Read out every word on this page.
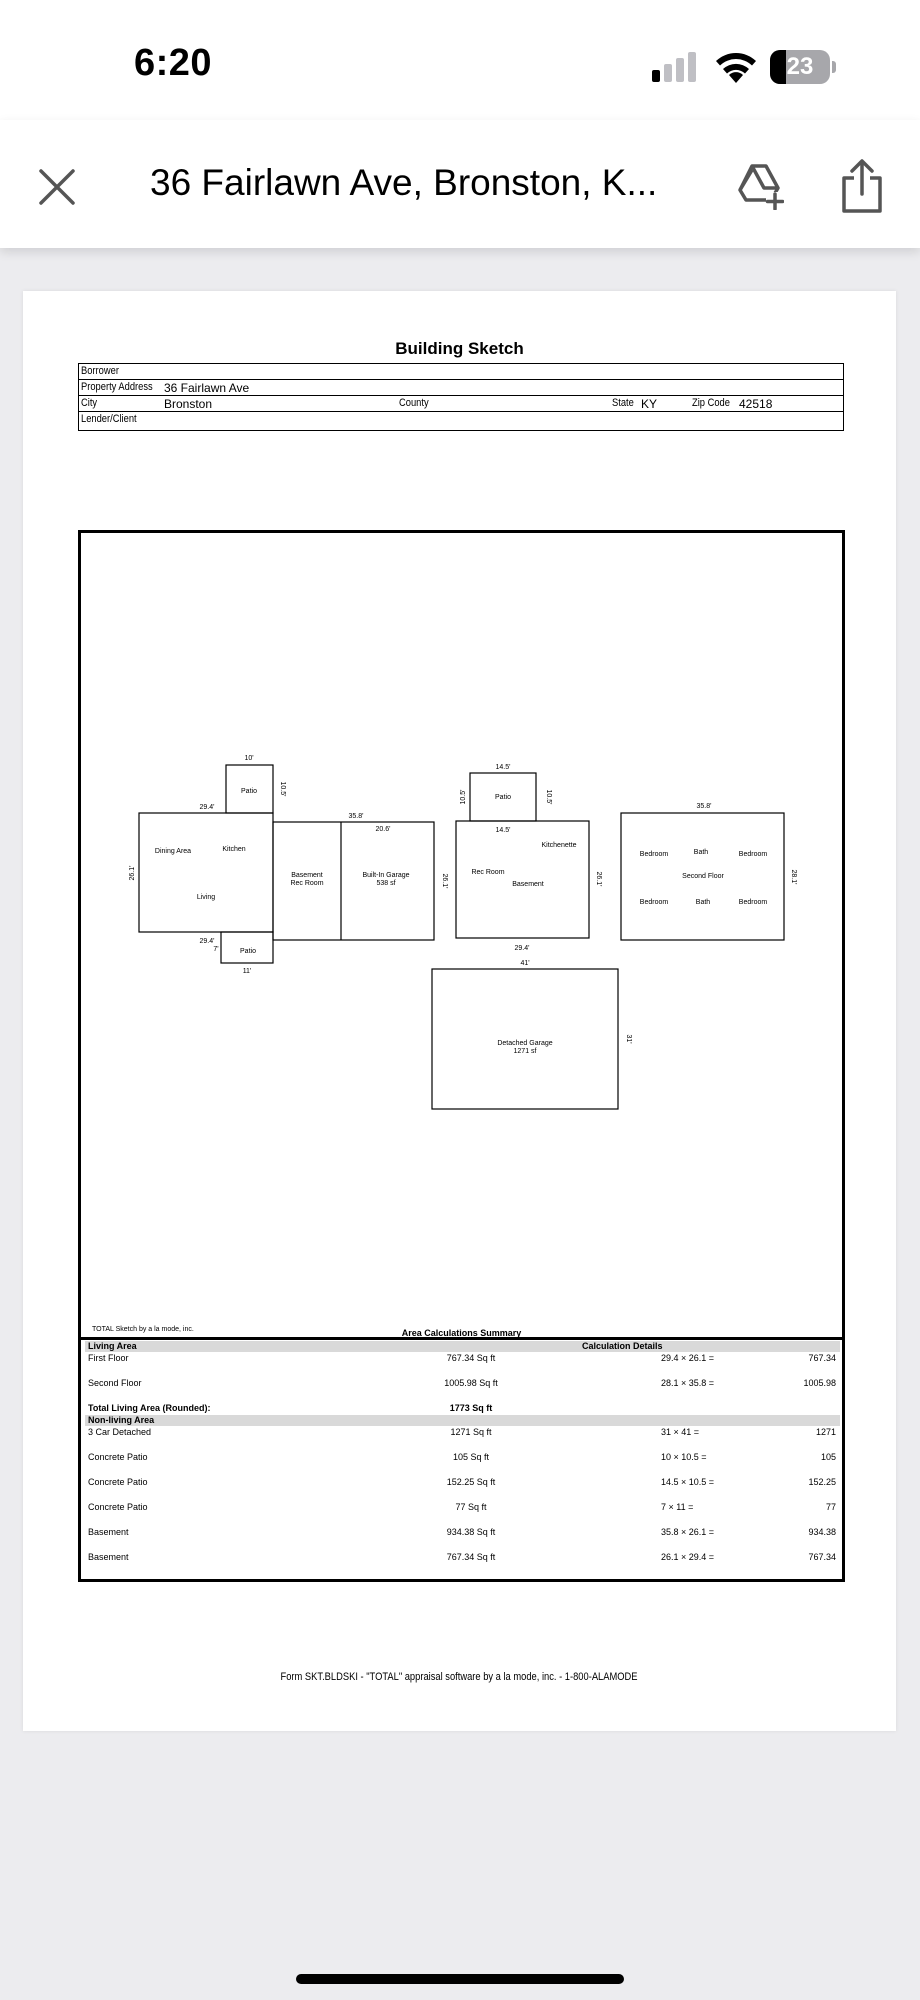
6:20	23
36 Fairlawn Ave, Bronston, K...
Building Sketch
Borrower
Property Address 36 Fairlawn Ave
City	Bronston	County	State KY	Zip Code 42518
Lender/Client
10'
Patio	10.5'
29.4'
Dining Area	Kitchen
Living
26.1'
29.4'
7'	Patio
11'
35.8'
20.6'
Basement
Rec Room
Built-In Garage
538 sf	26.1'
14.5'
Patio
10.5'	10.5'
14.5'
Kitchenette
Rec Room
Basement	26.1'
29.4'
35.8'
Bedroom	Bath	Bedroom
Second Floor
Bedroom	Bath	Bedroom
28.1'
41'
Detached Garage
1271 sf
31'
TOTAL Sketch by a la mode, inc.	Area Calculations Summary
Living Area	Calculation Details
First Floor	767.34 Sq ft	29.4 × 26.1 =	767.34
Second Floor	1005.98 Sq ft	28.1 × 35.8 =	1005.98
Total Living Area (Rounded):	1773 Sq ft
Non-living Area
3 Car Detached	1271 Sq ft	31 × 41 =	1271
Concrete Patio	105 Sq ft	10 × 10.5 =	105
Concrete Patio	152.25 Sq ft	14.5 × 10.5 =	152.25
Concrete Patio	77 Sq ft	7 × 11 =	77
Basement	934.38 Sq ft	35.8 × 26.1 =	934.38
Basement	767.34 Sq ft	26.1 × 29.4 =	767.34
Form SKT.BLDSKI - "TOTAL" appraisal software by a la mode, inc. - 1-800-ALAMODE
